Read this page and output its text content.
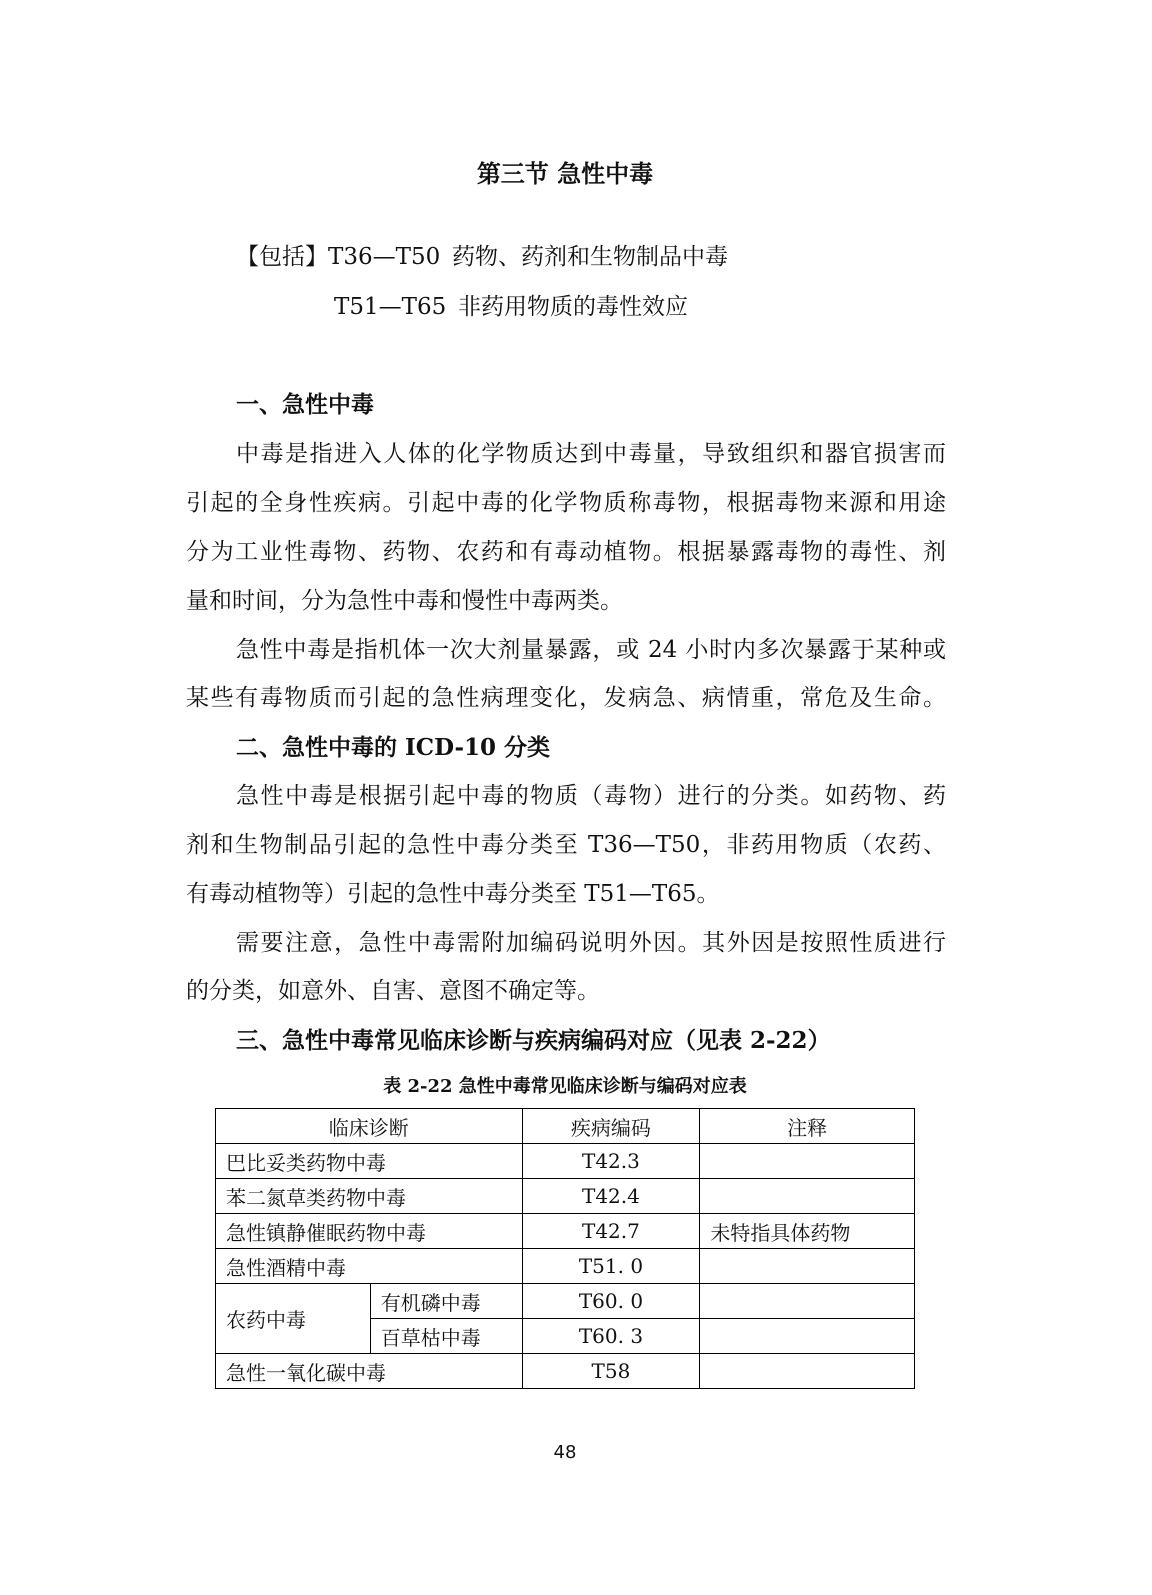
第三节 急性中毒
【包括】T36—T50 药物、药剂和生物制品中毒
T51—T65 非药用物质的毒性效应
一、急性中毒
中毒是指进入人体的化学物质达到中毒量，导致组织和器官损害而
引起的全身性疾病。引起中毒的化学物质称毒物，根据毒物来源和用途
分为工业性毒物、药物、农药和有毒动植物。根据暴露毒物的毒性、剂
量和时间，分为急性中毒和慢性中毒两类。
急性中毒是指机体一次大剂量暴露，或 24 小时内多次暴露于某种或
某些有毒物质而引起的急性病理变化，发病急、病情重，常危及生命。
二、急性中毒的 ICD-10 分类
急性中毒是根据引起中毒的物质（毒物）进行的分类。如药物、药
剂和生物制品引起的急性中毒分类至 T36—T50，非药用物质（农药、
有毒动植物等）引起的急性中毒分类至 T51—T65。
需要注意，急性中毒需附加编码说明外因。其外因是按照性质进行
的分类，如意外、自害、意图不确定等。
三、急性中毒常见临床诊断与疾病编码对应（见表 2-22）
表 2-22 急性中毒常见临床诊断与编码对应表
临床诊断		疾病编码	注释
巴比妥类药物中毒		T42.3	
苯二氮草类药物中毒		T42.4	
急性镇静催眠药物中毒		T42.7	未特指具体药物
急性酒精中毒		T51. 0	
农药中毒	有机磷中毒	T60. 0	
	百草枯中毒	T60. 3	
急性一氧化碳中毒		T58	
48
